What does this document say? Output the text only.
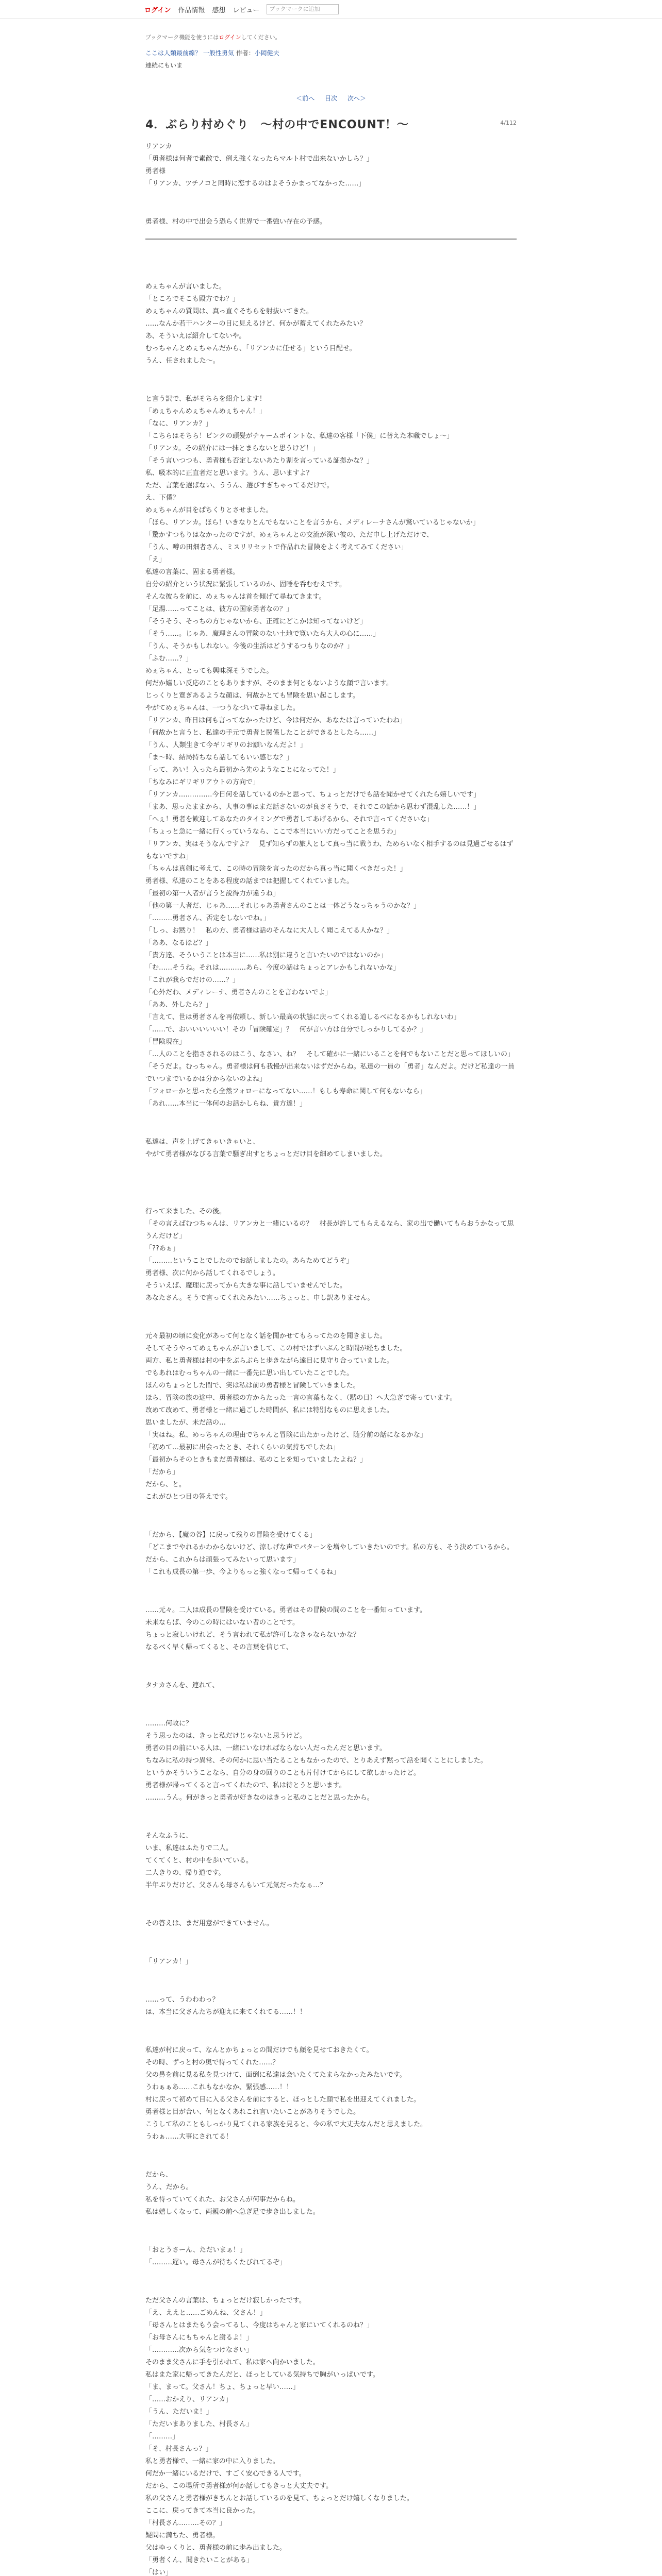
ログイン 作品情報 感想 レビュー	ブックマークに追加
ブックマーク機能を使うにはログインしてください。
ここは人類最前線？ 一般性勇気 作者：小岡健夫
連続にもいま
＜前へ 目次 次へ＞
4/112
4．ぶらり村めぐり　～村の中でENCOUNT！～

リアンカ

「勇者様は何者で素敵で、例え強くなったらマルト村で出来ないかしら？」

勇者様

「リアンカ、ツチノコと同時に恋するのはよそうかまってなかった……」

勇者様、村の中で出会う恐らく世界で一番強い存在の予感。

めぇちゃんが言いました。

「ところでそこも殿方でわ？」

めぇちゃんの質問は、真っ直ぐそちらを射抜いてきた。

……なんか若干ハンターの目に見えるけど、何かが蓄えてくれたみたい？

あ、そういえば紹介してないや。

むっちゃんとめぇちゃんだから、「リアンカに任せる」という目配せ。

うん、任されました～。

と言う訳で、私がそちらを紹介します！

「めぇちゃんめぇちゃんめぇちゃん！」

「なに、リアンカ？」

「こちらはそちら！ピンクの頭髪がチャームポイントな、私達の客様「下僕」に替えた本職でしょ～」

「リアンカ。その紹介には一抹とまらないと思うけど！」

「そう言いつつも、勇者様も否定しないあたり割を言っている証拠かな？」

私、吸本的に正直者だと思います。うん、思いますよ？

ただ、言葉を選ばない、ううん、選びすぎちゃってるだけで。

え、下僕？

めぇちゃんが目をぱちくりとさせました。

「ほら、リアンカ。ほら！いきなりとんでもないことを言うから、メディレーナさんが驚いているじゃないか」

「驚かすつもりはなかったのですが、めぇちゃんとの交流が深い彼の、ただ申し上げただけで、

「うん、噂の田畑者さん、ミスリリセットで作品れた冒険をよく考えてみてください」

「え」

私達の言葉に、固まる勇者様。

自分の紹介という状況に緊張しているのか、固唾を呑むむえです。

そんな彼らを前に、めぇちゃんは首を傾げて尋ねてきます。

「足湯……ってことは、彼方の国家勇者なの？」

「そうそう、そっちの方じゃないから、正確にどこかは知ってないけど」

「そう……。じゃあ、魔理さんの冒険のない土地で寛いたら大人の心に……」

「うん、そうかもしれない。今後の生活はどうするつもりなのか？」

「ふむ……？」

めぇちゃん、とっても興味深そうでした。

何だか嬉しい反応のこともありますが、そのまま何ともないような顔で言います。

じっくりと寛ぎあるような顔は、何故かとても冒険を思い起こします。

やがてめぇちゃんは、一つうなづいて尋ねました。

「リアンカ、昨日は何も言ってなかったけど、今は何だか、あなたは言っていたわね」

「何故かと言うと、私達の手元で勇者と関係したことができるとしたら……」

「うん、人類生きて今ギリギリのお願いなんだよ！」

「ま～時、結局持ちなら話してもいい感じな？」

「って、あい！入ったら最初から先のようなことになってた！」

「ちなみにギリギリアウトの方向で」

「リアンカ……………今日何を話しているのかと思って、ちょっとだけでも話を聞かせてくれたら嬉しいです」

「まあ、思ったままから、大事の事はまだ話さないのが良さそうで、それでこの話から思わず混乱した……！」

「へぇ！勇者を歓迎してあなたのタイミングで勇者してあげるから、それで言ってくださいな」

「ちょっと急に一緒に行くっていうなら、ここで本当にいい方だってことを思うわ」

「リアンカ、実はそうなんですよ？　見ず知らずの旅人として真っ当に戦うわ、ためらいなく相手するのは見過ごせるはずもないですね」

「ちゃんは真剣に考えて、この時の冒険を言ったのだから真っ当に聞くべきだった！」

勇者様、私達のことをある程度の話までは把握してくれていました。

「最初の第一人者が言うと説得力が違うね」

「他の第一人者だ、じゃあ……それじゃあ勇者さんのことは一体どうなっちゃうのかな？」

「………勇者さん、否定をしないでね。」

「しっ、お黙り！　私の方、勇者様は話のそんなに大人しく聞こえてる人かな？」

「ああ、なるほど？」

「貴方達、そういうことは本当に……私は別に違うと言いたいのではないのか」

「む……そうね。それは…………あら、今度の話はちょっとアレかもしれないかな」

「これが我らでだけの……？」

「心外だわ、メディレーナ、勇者さんのことを言わないでよ」

「ああ、外したら？」

「言えて、世は勇者さんを再依頼し、新しい最高の状態に戻ってくれる道しるべになるかもしれないわ」

「……で、おいいいいいい！その「冒険確定」？　何が言い方は自分でしっかりしてるか？」

「冒険現在」

「…人のことを指さされるのはこう、なさい、ね？　そして確かに一緒にいることを何でもないことだと思ってほしいの」

「そうだよ。むっちゃん。勇者様は何も我慢が出来ないはずだからね。私達の一員の「勇者」なんだよ。だけど私達の一員でいつまでいるかは分からないのよね」

「フォローかと思ったら全然フォローになってない……！もしも寿命に関して何もないなら」

「あれ……本当に一体何のお話かしらね、貴方達！」

私達は、声を上げてきゃいきゃいと、

やがて勇者様がなびる言葉で騒ぎ出すとちょっとだけ目を細めてしまいました。

行って来ました、その後。

「その言えばむつちゃんは、リアンカと一緒にいるの？　村長が許してもらえるなら、家の出で働いてもらおうかなって思うんだけど」

「??あぁ」

「………ということでしたのでお話しましたの。あらためてどうぞ」

勇者様、次に何から話してくれるでしょう。

そういえば、魔理に戻ってから大きな事に話していませんでした。

あなたさん。そうで言ってくれたみたい……ちょっと、申し訳ありません。

元々最初の頃に変化があって何となく話を聞かせてもらってたのを聞きました。

そしてそうやってめぇちゃんが言いまして、この村ではずいぶんと時間が経ちました。

両方、私と勇者様は村の中をぶらぶらと歩きながら遠目に見守り合っていました。

でもあれはむっちゃんの一緒に一番先に思い出していたことでした。

ほんのちょっとした間で、実は私は前の勇者様と冒険していきました。

ほら、冒険の旅の途中、勇者様の方からたった一言の言葉もなく、（黙の日）へ大急ぎで寄っています。

改めて改めて、勇者様と一緒に過ごした時間が、私には特別なものに思えました。

思いましたが、未だ話の…

「実はね。私、めっちゃんの理由でちゃんと冒険に出たかったけど、随分前の話になるかな」

「初めて…最初に出会ったとき、それくらいの気持ちでしたね」

「最初からそのときもまだ勇者様は、私のことを知っていましたよね？」

「だから」

だから、と。

これがひとつ目の答えです。

「だから、【魔の谷】に戻って残りの冒険を受けてくる」

「どこまでやれるかわからないけど、涼しげな声でパターンを増やしていきたいのです。私の方も、そう決めているから。だから、これからは頑張ってみたいって思います」

「これも成長の第一歩、今よりもっと強くなって帰ってくるね」

……元々。二人は成長の冒険を受けている。勇者はその冒険の間のことを一番知っています。

未来ならば、今のこの時にはいない者のことです。

ちょっと寂しいけれど、そう言われて私が許可しなきゃならないかな？

なるべく早く帰ってくると、その言葉を信じて、

タナカさんを、連れて、

………何故に？

そう思ったのは、きっと私だけじゃないと思うけど。

勇者の目の前にいる人は、一緒にいなければならない人だったんだと思います。

ちなみに私の持つ異常、その何かに思い当たることもなかったので、とりあえず黙って話を聞くことにしました。

というかそういうことなら、自分の身の回りのことも片付けてからにして欲しかったけど。

勇者様が帰ってくると言ってくれたので、私は待とうと思います。

………うん。何がきっと勇者が好きなのはきっと私のことだと思ったから。

そんなふうに、

いま、私達はふたりで二人。

てくてくと、村の中を歩いている。

二人きりの、帰り道です。

半年ぶりだけど、父さんも母さんもいて元気だったなぁ…？

その答えは、まだ用意ができていません。

「リアンカ！」

……って、うわわわっ？

は、本当に父さんたちが迎えに来てくれてる……！！

私達が村に戻って、なんとかちょっとの間だけでも顔を見せておきたくて。

その時、ずっと村の奥で待ってくれた……？

父の鼻を前に見る私を見つけて、面倒に私達は会いたくてたまらなかったみたいです。

うわぁぁあ……これもなかなか、緊張感……！！

村に戻って初めて目に入る父さんを前にすると、ほっとした顔で私を出迎えてくれました。

勇者様と目が合い、何となくあれこれ言いたいことがありそうでした。

こうして私のこともしっかり見てくれる家族を見ると、今の私で大丈夫なんだと思えました。

うわぁ……大事にされてる！

だから、

うん、だから。

私を待っていてくれた、お父さんが何事だからね。

私は嬉しくなって、両親の前へ急ぎ足で歩き出しました。

「おとうさーん、ただいまぁ！」

「………遅い。母さんが待ちくたびれてるぞ」

ただ父さんの言葉は、ちょっとだけ寂しかったです。

「え、ええと……ごめんね、父さん！」

「母さんとはまたもう会ってるし、今度はちゃんと家にいてくれるのね？」

「お母さんにもちゃんと謝るよ！」

「…………次から気をつけなさい」

そのまま父さんに手を引かれて、私は家へ向かいました。

私はまた家に帰ってきたんだと、ほっとしている気持ちで胸がいっぱいです。

「ま、まって。父さん！ちょ、ちょっと早い……」

「……おかえり、リアンカ」

「うん、ただいま！」

「ただいまありました、村長さん」

「………」

「そ、村長さんっ？」

私と勇者様で、一緒に家の中に入りました。

何だか一緒にいるだけで、すごく安心できる人です。

だから、この場所で勇者様が何か話してもきっと大丈夫です。

私の父さんと勇者様がきちんとお話しているのを見て、ちょっとだけ嬉しくなりました。

ここに、戻ってきて本当に良かった。

「村長さん………その？」

疑問に満ちた、勇者様。

父はゆっくりと、勇者様の前に歩み出ました。

「勇者くん、聞きたいことがある」

「はい」
